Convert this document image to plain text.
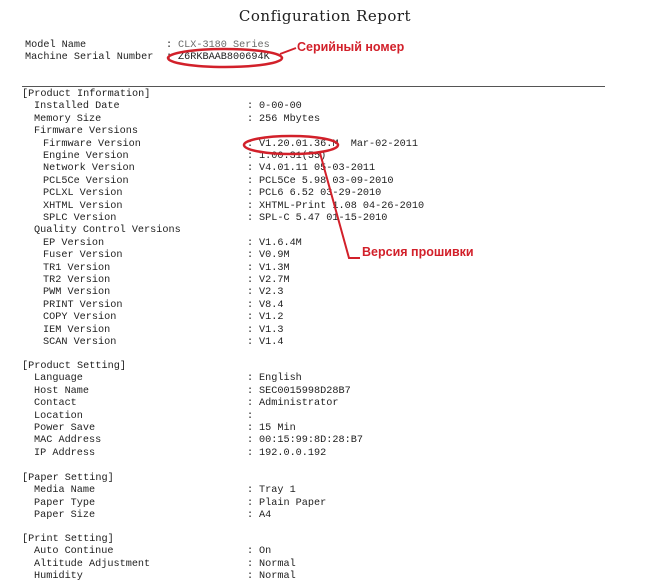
Configuration Report
Model Name	: CLX-3180 Series
Machine Serial Number : Z6RKBAAB800694K
Серийный номер
[Product Information]
Installed Date	: 0-00-00
Memory Size	: 256 Mbytes
Firmware Versions
Firmware Version	: V1.20.01.36.M  Mar-02-2011
Engine Version	: 1.00.31(55)
Network Version	: V4.01.11 05-03-2011
PCL5Ce Version	: PCL5Ce 5.98 03-09-2010
PCLXL Version	: PCL6 6.52 03-29-2010
XHTML Version	: XHTML-Print 1.08 04-26-2010
SPLC Version	: SPL-C 5.47 01-15-2010
Quality Control Versions
EP Version	: V1.6.4M
Fuser Version	: V0.9M
TR1 Version	: V1.3M
TR2 Version	: V2.7M
PWM Version	: V2.3
PRINT Version	: V8.4
COPY Version	: V1.2
IEM Version	: V1.3
SCAN Version	: V1.4
[Product Setting]
Language	: English
Host Name	: SEC0015998D28B7
Contact	: Administrator
Location	:
Power Save	: 15 Min
MAC Address	: 00:15:99:8D:28:B7
IP Address	: 192.0.0.192
[Paper Setting]
Media Name	: Tray 1
Paper Type	: Plain Paper
Paper Size	: A4
[Print Setting]
Auto Continue	: On
Altitude Adjustment	: Normal
Humidity	: Normal
Версия прошивки
